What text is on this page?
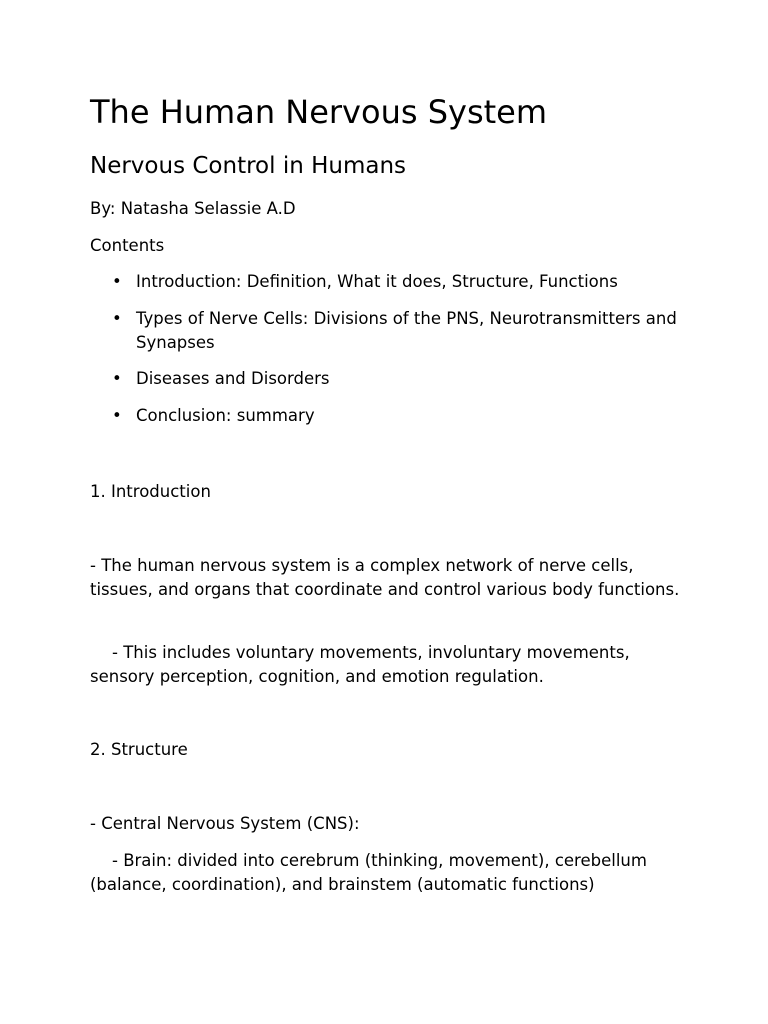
The Human Nervous System
Nervous Control in Humans
By: Natasha Selassie A.D
Contents
• Introduction: Definition, What it does, Structure, Functions
• Types of Nerve Cells: Divisions of the PNS, Neurotransmitters and Synapses
• Diseases and Disorders
• Conclusion: summary
1. Introduction
- The human nervous system is a complex network of nerve cells, tissues, and organs that coordinate and control various body functions.
- This includes voluntary movements, involuntary movements, sensory perception, cognition, and emotion regulation.
2. Structure
- Central Nervous System (CNS):
- Brain: divided into cerebrum (thinking, movement), cerebellum (balance, coordination), and brainstem (automatic functions)
